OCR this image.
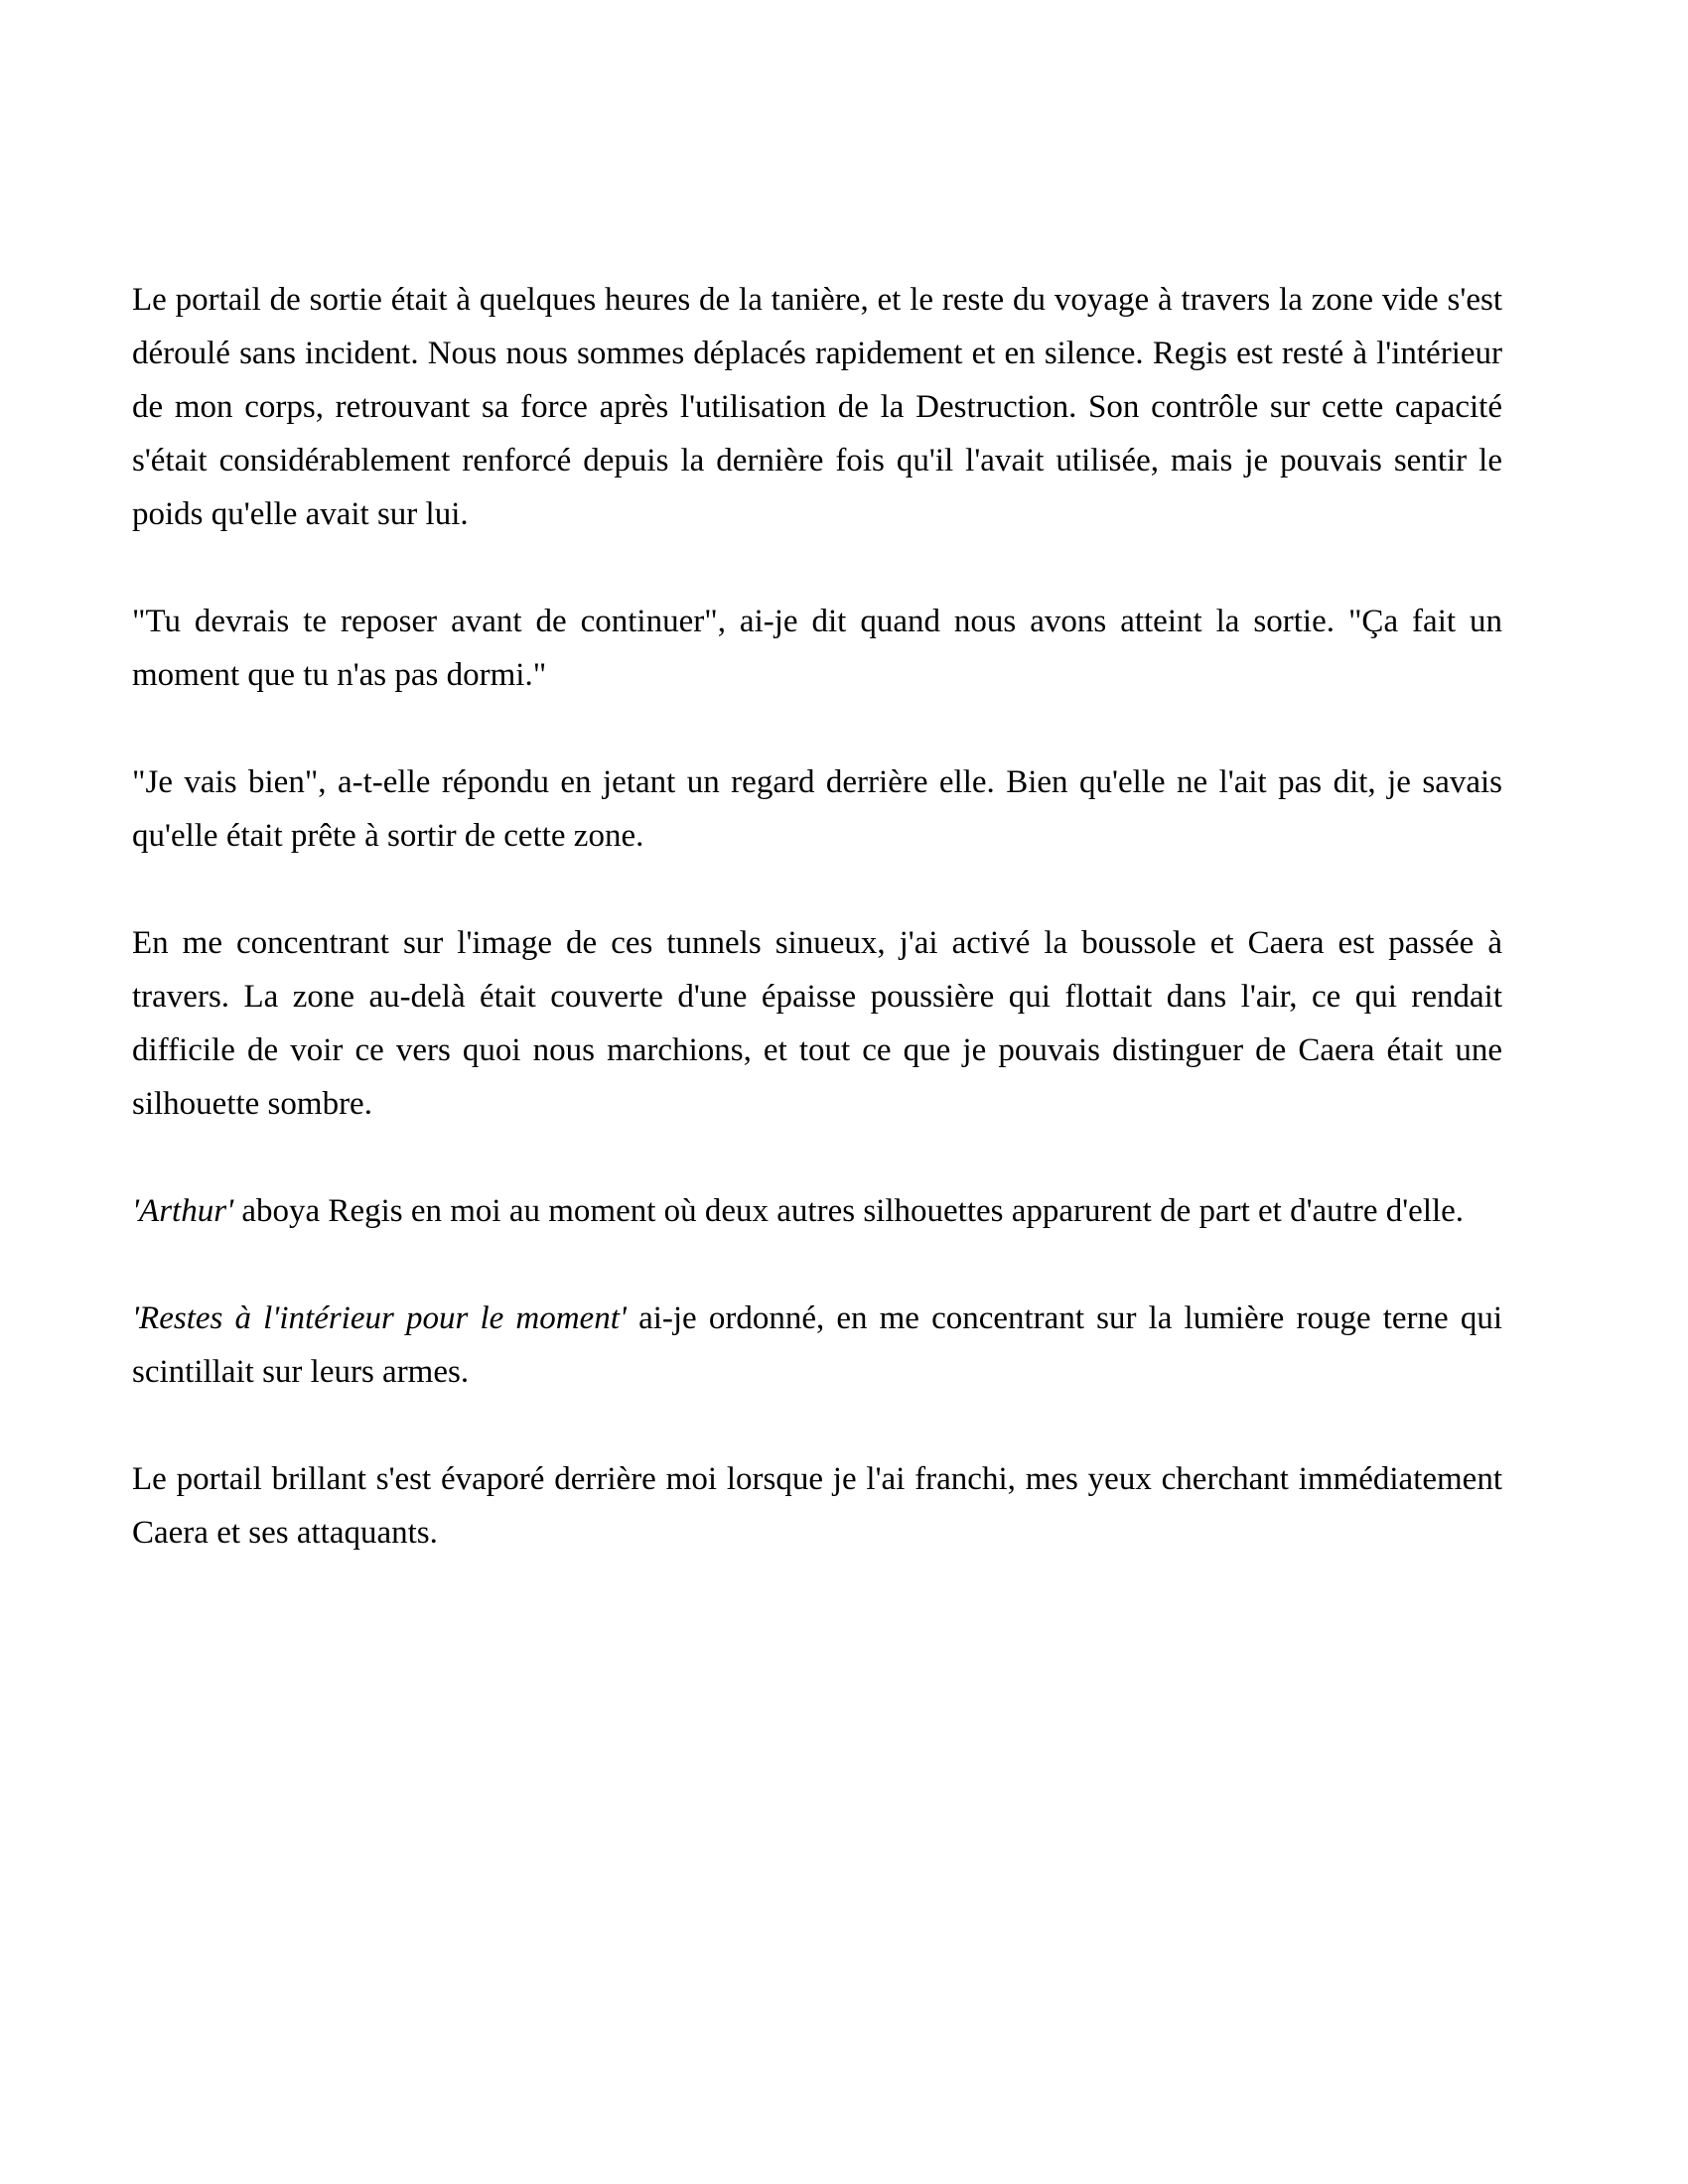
Le portail de sortie était à quelques heures de la tanière, et le reste du voyage à travers la zone vide s'est déroulé sans incident. Nous nous sommes déplacés rapidement et en silence. Regis est resté à l'intérieur de mon corps, retrouvant sa force après l'utilisation de la Destruction. Son contrôle sur cette capacité s'était considérablement renforcé depuis la dernière fois qu'il l'avait utilisée, mais je pouvais sentir le poids qu'elle avait sur lui.

"Tu devrais te reposer avant de continuer", ai-je dit quand nous avons atteint la sortie. "Ça fait un moment que tu n'as pas dormi."

"Je vais bien", a-t-elle répondu en jetant un regard derrière elle. Bien qu'elle ne l'ait pas dit, je savais qu'elle était prête à sortir de cette zone.

En me concentrant sur l'image de ces tunnels sinueux, j'ai activé la boussole et Caera est passée à travers. La zone au-delà était couverte d'une épaisse poussière qui flottait dans l'air, ce qui rendait difficile de voir ce vers quoi nous marchions, et tout ce que je pouvais distinguer de Caera était une silhouette sombre.

'Arthur' aboya Regis en moi au moment où deux autres silhouettes apparurent de part et d'autre d'elle.

'Restes à l'intérieur pour le moment' ai-je ordonné, en me concentrant sur la lumière rouge terne qui scintillait sur leurs armes.

Le portail brillant s'est évaporé derrière moi lorsque je l'ai franchi, mes yeux cherchant immédiatement Caera et ses attaquants.
